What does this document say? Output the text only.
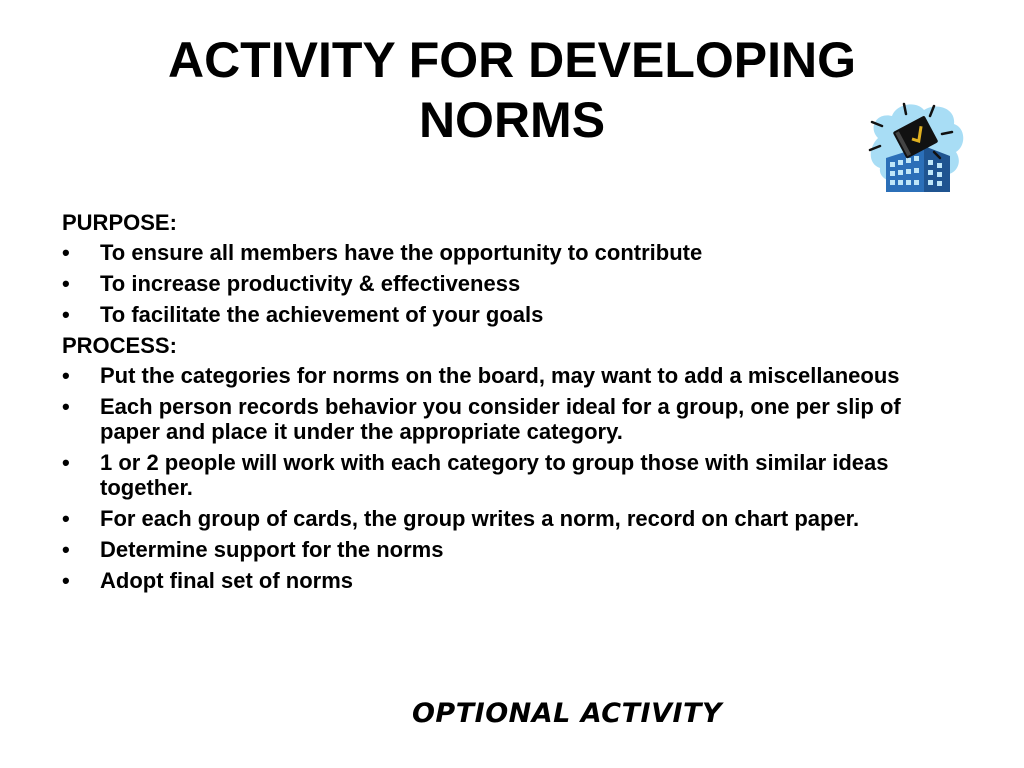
ACTIVITY FOR DEVELOPING
NORMS
PURPOSE:
•	To ensure all members have the opportunity to contribute
•	To increase productivity & effectiveness
•	To facilitate the achievement of your goals
PROCESS:
•	Put the categories for norms on the board, may want to add a miscellaneous
•	Each person records behavior you consider ideal for a group, one per slip of paper and place it under the appropriate category.
•	1 or 2 people will work with each category to group those with similar ideas together.
•	For each group of cards, the group writes a norm, record on chart paper.
•	Determine support for the norms
•	Adopt final set of norms
OPTIONAL ACTIVITY
